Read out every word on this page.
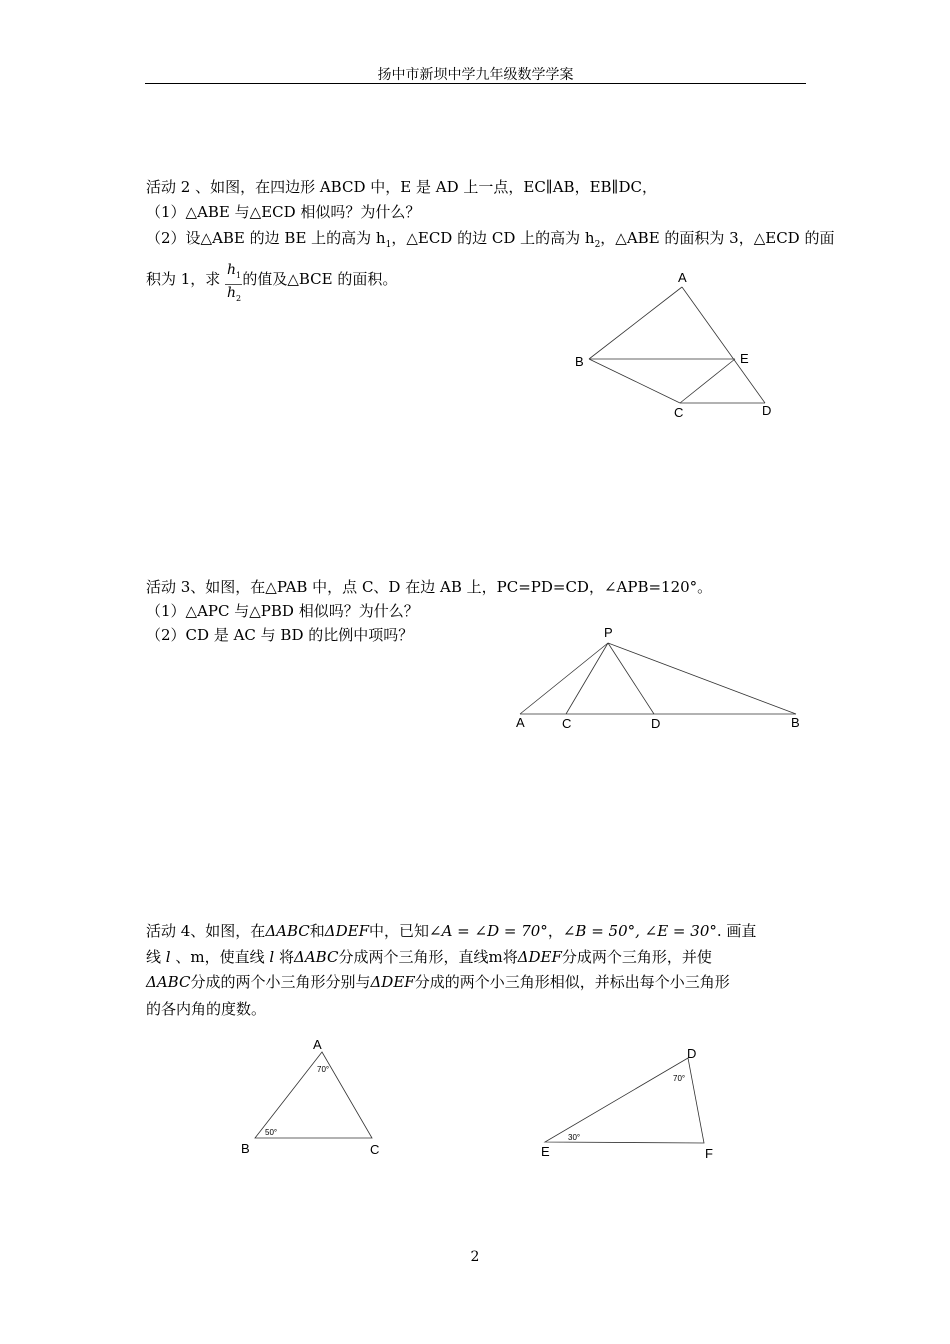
扬中市新坝中学九年级数学学案
活动 2 、如图，在四边形 ABCD 中，E 是 AD 上一点，EC∥AB，EB∥DC，
（1）△ABE 与△ECD 相似吗？为什么？
（2）设△ABE 的边 BE 上的高为 $h_1$，△ECD 的边 CD 上的高为 $h_2$，△ABE 的面积为 3，△ECD 的面
积为 1，求 的值及△BCE 的面积。
$h_1$
$h_2$
活动 3、如图，在△PAB 中，点 C、D 在边 AB 上，PC=PD=CD，∠APB=120°。
（1）△APC 与△PBD 相似吗？为什么？
（2）CD 是 AC 与 BD 的比例中项吗？
活动 4、如图，在ΔABC和ΔDEF中，已知∠A = ∠D = 70°，∠B = 50°, ∠E = 30°. 画直
线 l 、m，使直线 l 将ΔABC分成两个三角形，直线m将ΔDEF分成两个三角形，并使
ΔABC分成的两个小三角形分别与ΔDEF分成的两个小三角形相似，并标出每个小三角形
的各内角的度数。
A
B	E
C	D
P
A	C	D	B
A
B	C
70°
50°
D
E	F
70°
30°
2
